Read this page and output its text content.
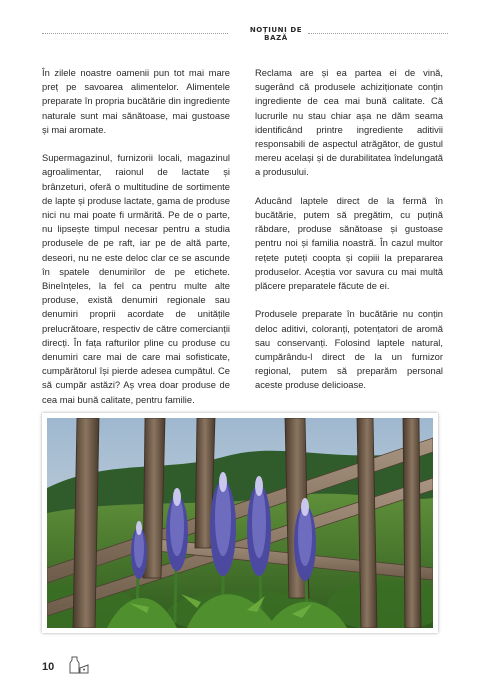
NOȚIUNI DE BAZĂ

În zilele noastre oamenii pun tot mai mare preț pe savoarea alimentelor. Alimentele preparate în propria bucătărie din ingrediente naturale sunt mai sănătoase, mai gustoase și mai aromate.

Supermagazinul, furnizorii locali, magazinul agroalimentar, raionul de lactate și brânzeturi, oferă o multitudine de sortimente de lapte și produse lactate, gama de produse nici nu mai poate fi urmărită. Pe de o parte, nu lipsește timpul necesar pentru a studia produsele de pe raft, iar pe de altă parte, deseori, nu ne este deloc clar ce se ascunde în spatele denumirilor de pe etichete. Bineînțeles, la fel ca pentru multe alte produse, există denumiri regionale sau denumiri proprii acordate de unitățile prelucrătoare, respectiv de către comercianții direcți. În fața rafturilor pline cu produse cu denumiri care mai de care mai sofisticate, cumpărătorul își pierde adesea cumpătul. Ce să cumpăr astăzi? Aș vrea doar produse de cea mai bună calitate, pentru familie.

Reclama are și ea partea ei de vină, sugerând că produsele achiziționate conțin ingrediente de cea mai bună calitate. Că lucrurile nu stau chiar așa ne dăm seama identificând printre ingrediente aditivii responsabili de aspectul atrăgător, de gustul mereu același și de durabilitatea îndelungată a produsului.

Aducând laptele direct de la fermă în bucătărie, putem să pregătim, cu puțină răbdare, produse sănătoase și gustoase pentru noi și familia noastră. În cazul multor rețete puteți coopta și copiii la prepararea produselor. Aceștia vor savura cu mai multă plăcere preparatele făcute de ei.

Produsele preparate în bucătărie nu conțin deloc aditivi, coloranți, potențatori de aromă sau conservanți. Folosind laptele natural, cumpărându-l direct de la un furnizor regional, putem să preparăm personal aceste produse delicioase.

10
